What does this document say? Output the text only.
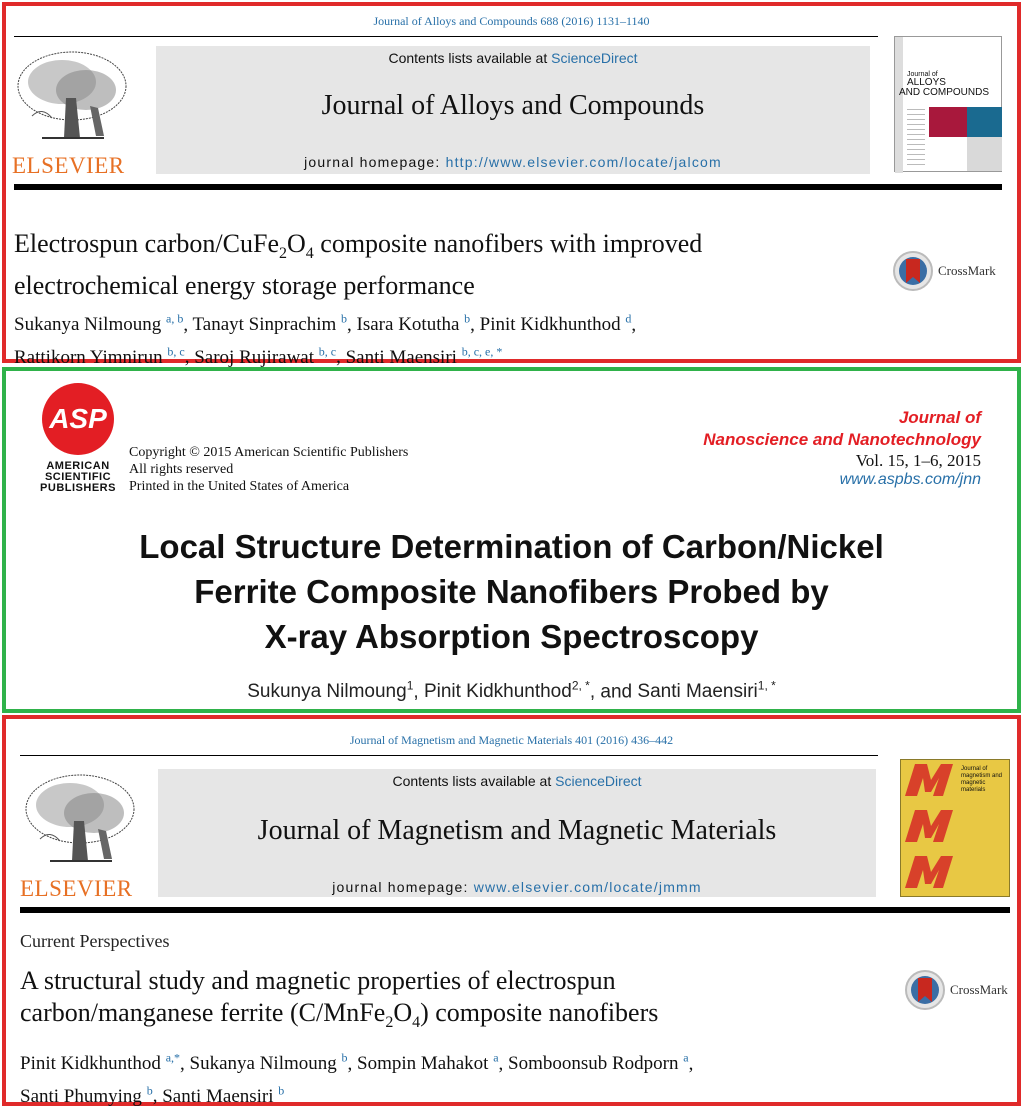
Journal of Alloys and Compounds 688 (2016) 1131–1140
ELSEVIER
Contents lists available at ScienceDirect
Journal of Alloys and Compounds
journal homepage: http://www.elsevier.com/locate/jalcom
Journal of
ALLOYS
AND COMPOUNDS
Electrospun carbon/$CuFe_2O_4$ composite nanofibers with improved
electrochemical energy storage performance
CrossMark
Sukanya Nilmoung $^{a, b}$, Tanayt Sinprachim $^b$, Isara Kotutha $^b$, Pinit Kidkhunthod $^d$,
Rattikorn Yimnirun $^{b, c}$, Saroj Rujirawat $^{b, c}$, Santi Maensiri $^{b, c, e, *}$
ASP
AMERICAN
SCIENTIFIC
PUBLISHERS
Copyright © 2015 American Scientific Publishers
All rights reserved
Printed in the United States of America
Journal of
Nanoscience and Nanotechnology
Vol. 15, 1–6, 2015
www.aspbs.com/jnn
Local Structure Determination of Carbon/Nickel
Ferrite Composite Nanofibers Probed by
X-ray Absorption Spectroscopy
Sukunya Nilmoung$^1$, Pinit Kidkhunthod$^{2, *}$, and Santi Maensiri$^{1, *}$
Journal of Magnetism and Magnetic Materials 401 (2016) 436–442
ELSEVIER
Contents lists available at ScienceDirect
Journal of Magnetism and Magnetic Materials
journal homepage: www.elsevier.com/locate/jmmm
Journal of magnetism and magnetic materials
Current Perspectives
A structural study and magnetic properties of electrospun
carbon/manganese ferrite $(C/MnFe_2O_4)$ composite nanofibers
CrossMark
Pinit Kidkhunthod $^{a,*}$, Sukanya Nilmoung $^b$, Sompin Mahakot $^a$, Somboonsub Rodporn $^a$,
Santi Phumying $^b$, Santi Maensiri $^b$
